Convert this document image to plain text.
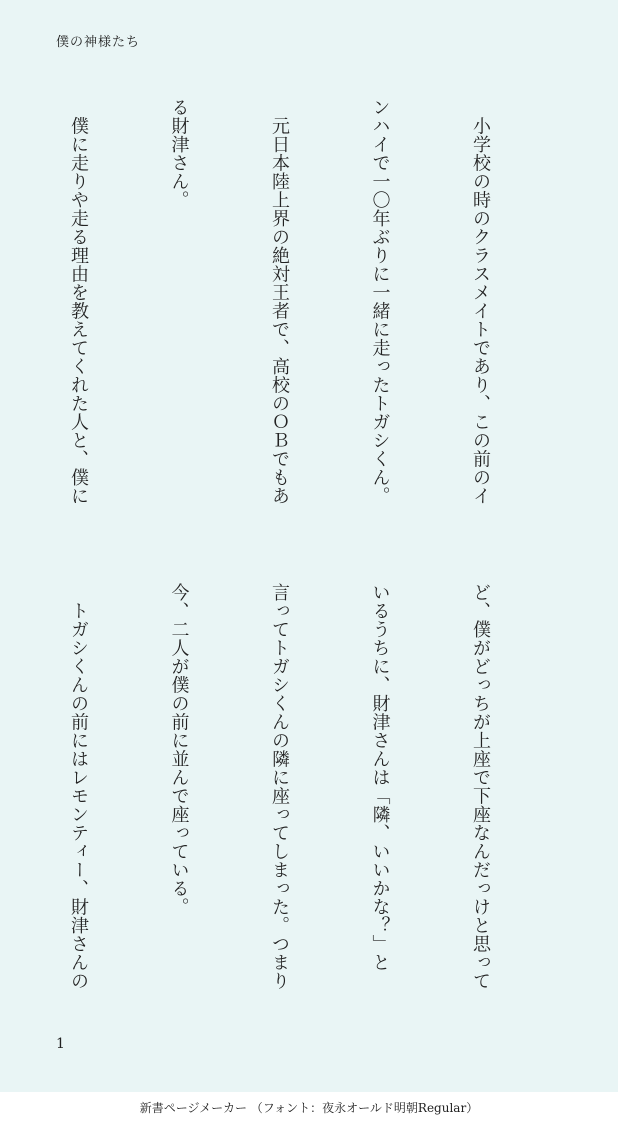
僕の神様たち

　小学校の時のクラスメイトであり、この前のイ

ンハイで一〇年ぶりに一緒に走ったトガシくん。

　元日本陸上界の絶対王者で、高校のＯＢでもあ

る財津さん。

　僕に走りや走る理由を教えてくれた人と、僕に

ど、僕がどっちが上座で下座なんだっけと思って

いるうちに、財津さんは「隣、いいかな？」と

言ってトガシくんの隣に座ってしまった。つまり

今、二人が僕の前に並んで座っている。

　トガシくんの前にはレモンティー、財津さんの

1
新書ページメーカー （フォント：夜永オールド明朝Regular）
